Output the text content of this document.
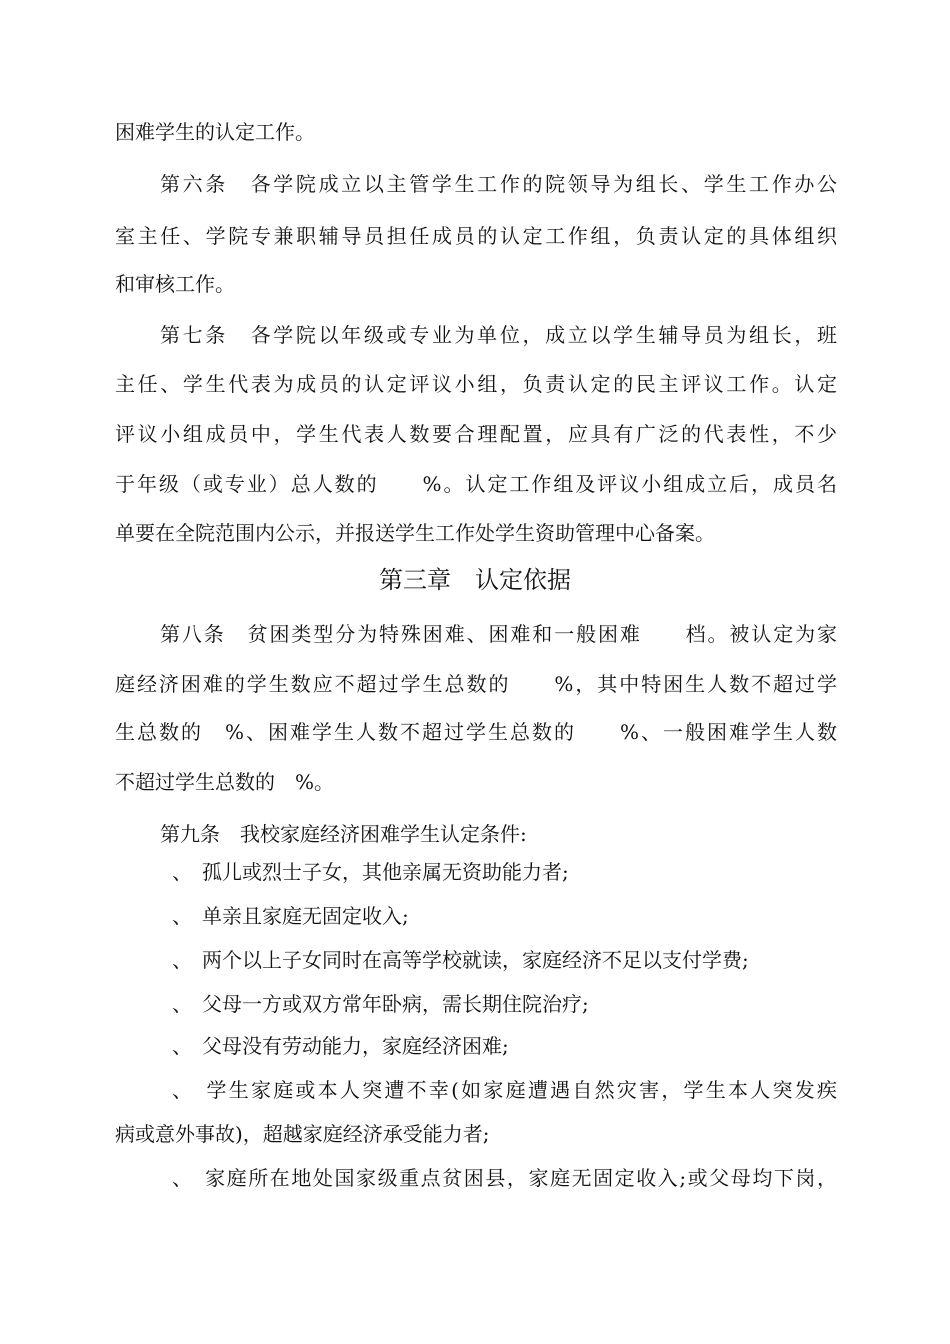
困难学生的认定工作。
第六条　各学院成立以主管学生工作的院领导为组长、学生工作办公
室主任、学院专兼职辅导员担任成员的认定工作组，负责认定的具体组织
和审核工作。
第七条　各学院以年级或专业为单位，成立以学生辅导员为组长，班
主任、学生代表为成员的认定评议小组，负责认定的民主评议工作。认定
评议小组成员中，学生代表人数要合理配置，应具有广泛的代表性，不少
于年级（或专业）总人数的　　%。认定工作组及评议小组成立后，成员名
单要在全院范围内公示，并报送学生工作处学生资助管理中心备案。
第三章　认定依据
第八条　贫困类型分为特殊困难、困难和一般困难　　档。被认定为家
庭经济困难的学生数应不超过学生总数的　　%，其中特困生人数不超过学
生总数的　%、困难学生人数不超过学生总数的　　%、一般困难学生人数
不超过学生总数的　%。
第九条　我校家庭经济困难学生认定条件:
、　孤儿或烈士子女，其他亲属无资助能力者;
、　单亲且家庭无固定收入;
、　两个以上子女同时在高等学校就读，家庭经济不足以支付学费;
、　父母一方或双方常年卧病，需长期住院治疗;
、　父母没有劳动能力，家庭经济困难;
、　学生家庭或本人突遭不幸(如家庭遭遇自然灾害，学生本人突发疾
病或意外事故)，超越家庭经济承受能力者;
、　家庭所在地处国家级重点贫困县，家庭无固定收入;或父母均下岗，
